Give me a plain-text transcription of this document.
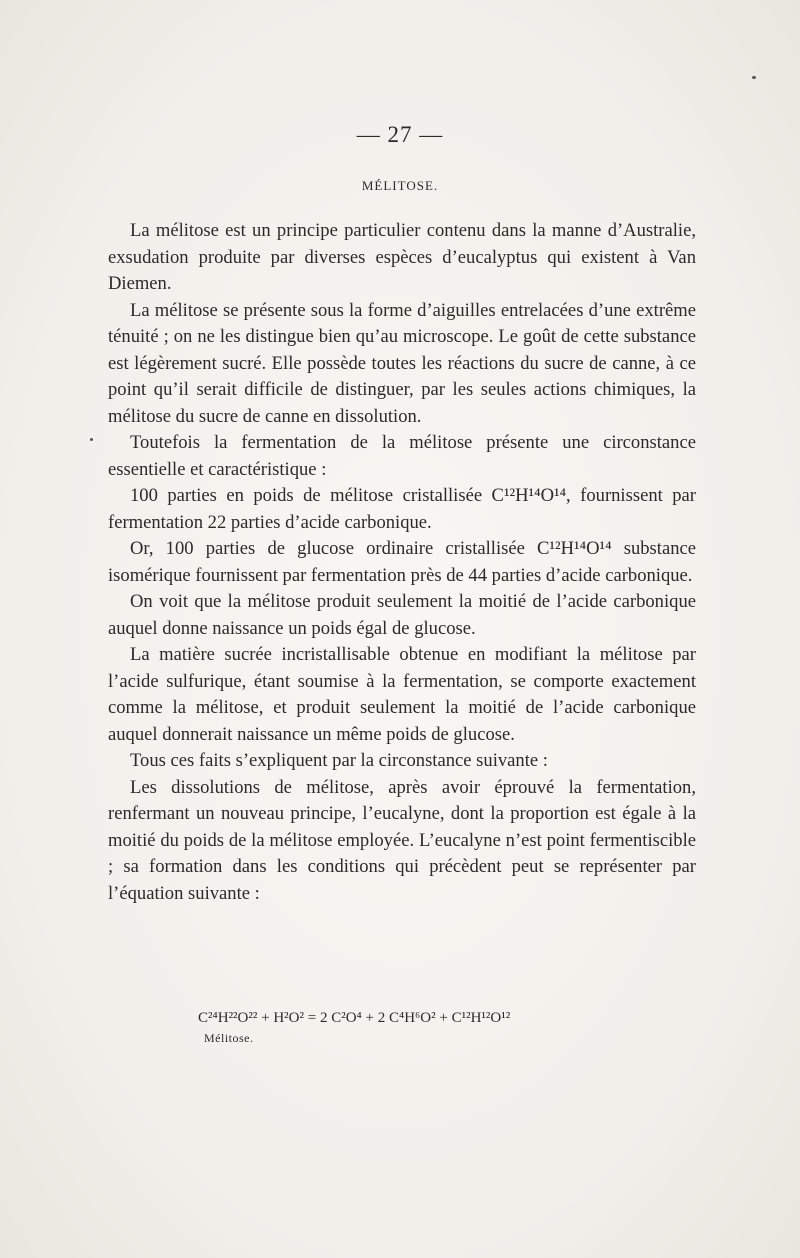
— 27 —
MÉLITOSE.

La mélitose est un principe particulier contenu dans la manne d’Australie, exsudation produite par diverses espèces d’eucalyptus qui existent à Van Diemen.

La mélitose se présente sous la forme d’aiguilles entrelacées d’une extrême ténuité ; on ne les distingue bien qu’au microscope. Le goût de cette substance est légèrement sucré. Elle possède toutes les réactions du sucre de canne, à ce point qu’il serait difficile de distinguer, par les seules actions chimiques, la mélitose du sucre de canne en dissolution.

Toutefois la fermentation de la mélitose présente une circonstance essentielle et caractéristique :

100 parties en poids de mélitose cristallisée C¹²H¹⁴O¹⁴, fournissent par fermentation 22 parties d’acide carbonique.

Or, 100 parties de glucose ordinaire cristallisée C¹²H¹⁴O¹⁴ substance isomérique fournissent par fermentation près de 44 parties d’acide carbonique.

On voit que la mélitose produit seulement la moitié de l’acide carbonique auquel donne naissance un poids égal de glucose.

La matière sucrée incristallisable obtenue en modifiant la mélitose par l’acide sulfurique, étant soumise à la fermentation, se comporte exactement comme la mélitose, et produit seulement la moitié de l’acide carbonique auquel donnerait naissance un même poids de glucose.

Tous ces faits s’expliquent par la circonstance suivante :

Les dissolutions de mélitose, après avoir éprouvé la fermentation, renfermant un nouveau principe, l’eucalyne, dont la proportion est égale à la moitié du poids de la mélitose employée. L’eucalyne n’est point fermentiscible ; sa formation dans les conditions qui précèdent peut se représenter par l’équation suivante :

C²⁴H²²O²² + H²O² = 2 C²O⁴ + 2 C⁴H⁶O² + C¹²H¹²O¹²
Mélitose.
